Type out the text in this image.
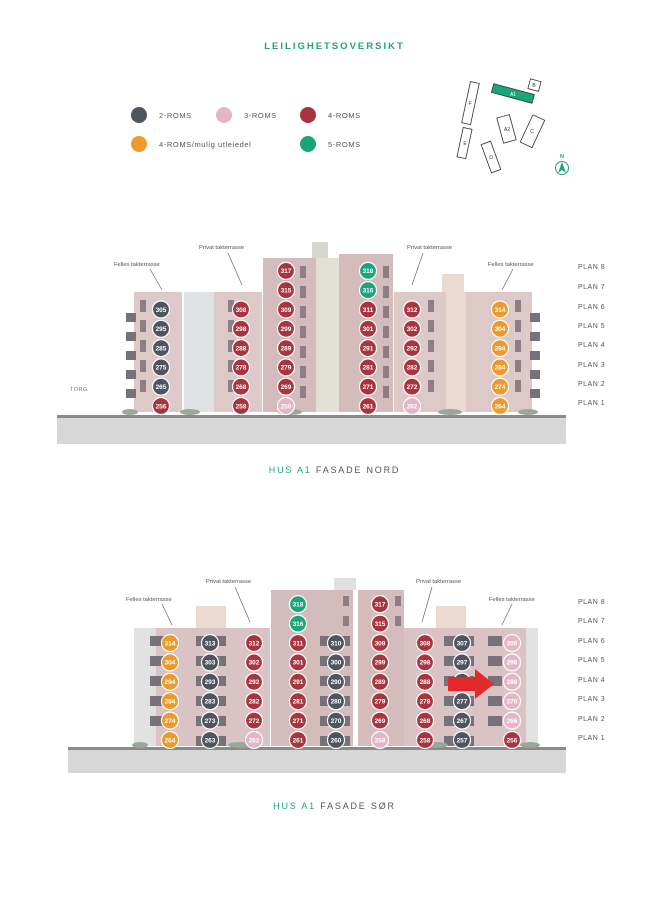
LEILIGHETSOVERSIKT
2-ROMS	3-ROMS	4-ROMS
4-ROMS/mulig utleiedel	5-ROMS
F
E
D
A1
A2	C
B
N
PLAN 8
PLAN 7
PLAN 6
PLAN 5
PLAN 4
PLAN 3
PLAN 2
PLAN 1
Felles takterrasse
Privat takterrasse	Privat takterrasse
Felles takterrasse
TORG
PLAN 8
PLAN 7
PLAN 6
PLAN 5
PLAN 4
PLAN 3
PLAN 2
PLAN 1
Felles takterrasse
Privat takterrasse	Privat takterrasse
Felles takterrasse
305
295
285
275
265
256
308
298
288
278
268
258
317
315
309
299
289
279
269
259
318
316
311
301
291
281
271
261
312
302
292
282
272
262
314
304
294
284
274
264
314
304
294
284
274
264
313
303
293
283
273
263
312
302
292
282
272
262
318
316
311
301
291
281
271
261
310
300
290
280
270
260
317
315
309
299
289
279
269
259
308
298
288
278
268
258
307
297
277
267
257
306
296
286
276
266
256
HUS A1 FASADE NORD
HUS A1 FASADE SØR
